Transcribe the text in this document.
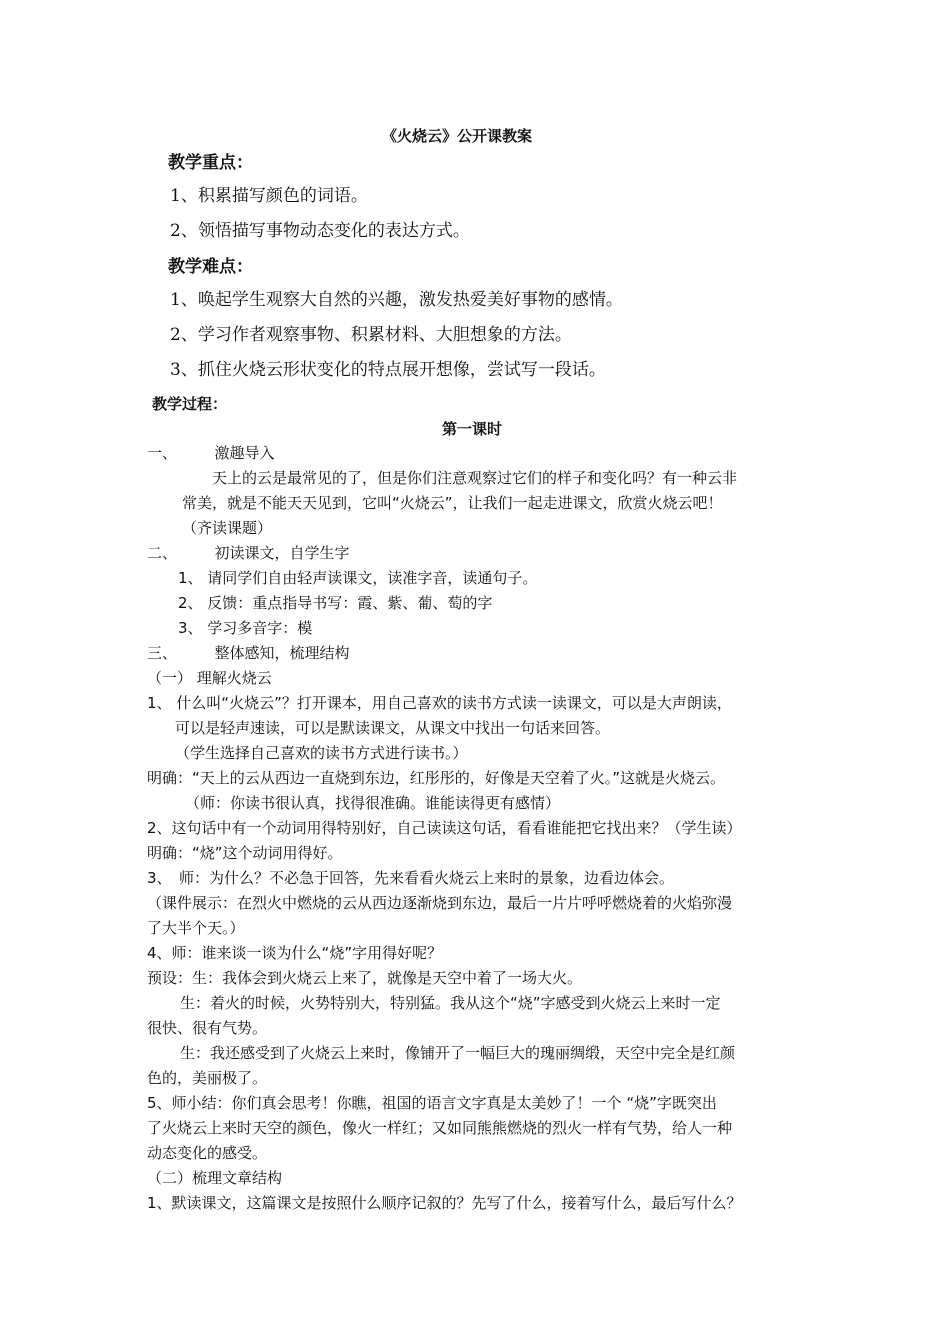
《火烧云》公开课教案
教学重点：
1、积累描写颜色的词语。
2、领悟描写事物动态变化的表达方式。
教学难点：
1、唤起学生观察大自然的兴趣，激发热爱美好事物的感情。
2、学习作者观察事物、积累材料、大胆想象的方法。
3、抓住火烧云形状变化的特点展开想像，尝试写一段话。
教学过程：
第一课时
一、　　　激趣导入
天上的云是最常见的了，但是你们注意观察过它们的样子和变化吗？有一种云非
常美，就是不能天天见到，它叫“火烧云”，让我们一起走进课文，欣赏火烧云吧！
（齐读课题）
二、　　　初读课文，自学生字
1、 请同学们自由轻声读课文，读准字音，读通句子。
2、 反馈：重点指导书写：霞、紫、葡、萄的字
3、 学习多音字：模
三、　　　整体感知，梳理结构
（一） 理解火烧云
1、 什么叫“火烧云”？打开课本，用自己喜欢的读书方式读一读课文，可以是大声朗读，
可以是轻声速读，可以是默读课文，从课文中找出一句话来回答。
（学生选择自己喜欢的读书方式进行读书。）
明确：“天上的云从西边一直烧到东边，红彤彤的，好像是天空着了火。”这就是火烧云。
（师：你读书很认真，找得很准确。谁能读得更有感情）
2、这句话中有一个动词用得特别好，自己读读这句话，看看谁能把它找出来？（学生读）
明确：“烧”这个动词用得好。
3、　师：为什么？不必急于回答，先来看看火烧云上来时的景象，边看边体会。
（课件展示：在烈火中燃烧的云从西边逐渐烧到东边，最后一片片呼呼燃烧着的火焰弥漫
了大半个天。）
4、师：谁来谈一谈为什么“烧”字用得好呢？
预设：生：我体会到火烧云上来了，就像是天空中着了一场大火。
生：着火的时候，火势特别大，特别猛。我从这个“烧”字感受到火烧云上来时一定
很快、很有气势。
生：我还感受到了火烧云上来时，像铺开了一幅巨大的瑰丽绸缎，天空中完全是红颜
色的，美丽极了。
5、师小结：你们真会思考！你瞧，祖国的语言文字真是太美妙了！一个 “烧”字既突出
了火烧云上来时天空的颜色，像火一样红；又如同熊熊燃烧的烈火一样有气势，给人一种
动态变化的感受。
（二）梳理文章结构
1、默读课文，这篇课文是按照什么顺序记叙的？先写了什么，接着写什么，最后写什么？
